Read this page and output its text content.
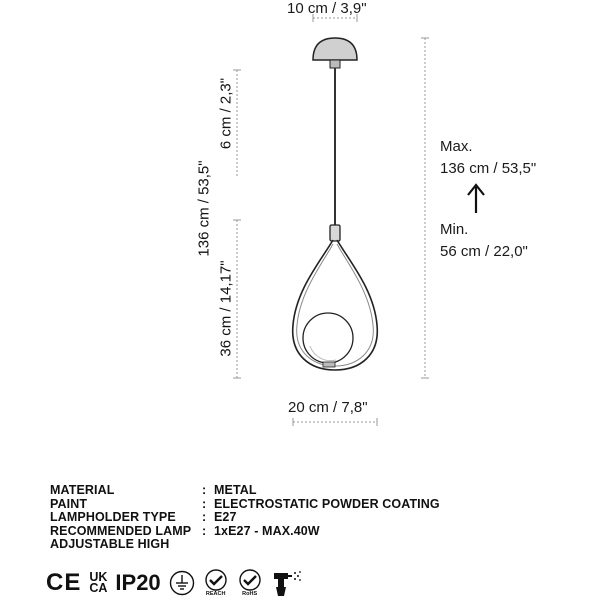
10 cm / 3,9"
136 cm / 53,5"
6 cm / 2,3"
36 cm / 14,17"
20 cm / 7,8"
Max.
136 cm / 53,5"
Min.
56 cm / 22,0"
MATERIAL	: METAL
PAINT	: ELECTROSTATIC POWDER COATING
LAMPHOLDER TYPE	: E27
RECOMMENDED LAMP : 1xE27 - MAX.40W
ADJUSTABLE HIGH
CE UK
CA IP20	REACH	RoHS
